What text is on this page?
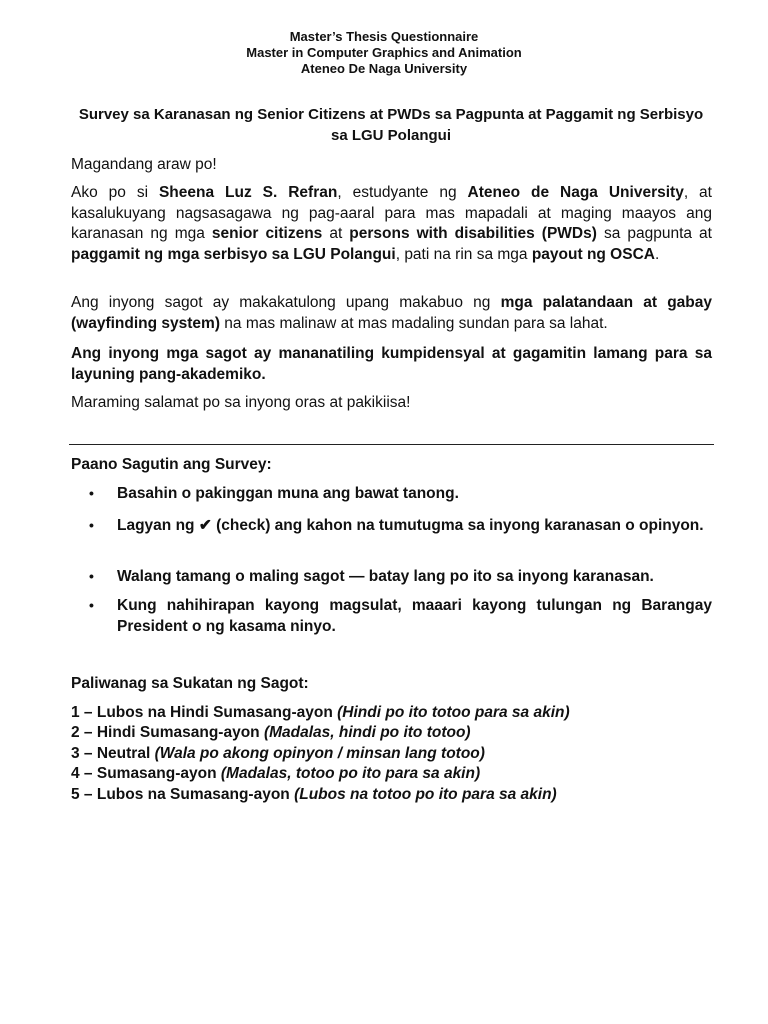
Master’s Thesis Questionnaire
Master in Computer Graphics and Animation
Ateneo De Naga University
Survey sa Karanasan ng Senior Citizens at PWDs sa Pagpunta at Paggamit ng Serbisyo sa LGU Polangui
Magandang araw po!
Ako po si Sheena Luz S. Refran, estudyante ng Ateneo de Naga University, at kasalukuyang nagsasagawa ng pag-aaral para mas mapadali at maging maayos ang karanasan ng mga senior citizens at persons with disabilities (PWDs) sa pagpunta at paggamit ng mga serbisyo sa LGU Polangui, pati na rin sa mga payout ng OSCA.
Ang inyong sagot ay makakatulong upang makabuo ng mga palatandaan at gabay (wayfinding system) na mas malinaw at mas madaling sundan para sa lahat.
Ang inyong mga sagot ay mananatiling kumpidensyal at gagamitin lamang para sa layuning pang-akademiko.
Maraming salamat po sa inyong oras at pakikiisa!
Paano Sagutin ang Survey:
• Basahin o pakinggan muna ang bawat tanong.
• Lagyan ng ✔ (check) ang kahon na tumutugma sa inyong karanasan o opinyon.
• Walang tamang o maling sagot — batay lang po ito sa inyong karanasan.
• Kung nahihirapan kayong magsulat, maaari kayong tulungan ng Barangay President o ng kasama ninyo.
Paliwanag sa Sukatan ng Sagot:
1 – Lubos na Hindi Sumasang-ayon (Hindi po ito totoo para sa akin)
2 – Hindi Sumasang-ayon (Madalas, hindi po ito totoo)
3 – Neutral (Wala po akong opinyon / minsan lang totoo)
4 – Sumasang-ayon (Madalas, totoo po ito para sa akin)
5 – Lubos na Sumasang-ayon (Lubos na totoo po ito para sa akin)
